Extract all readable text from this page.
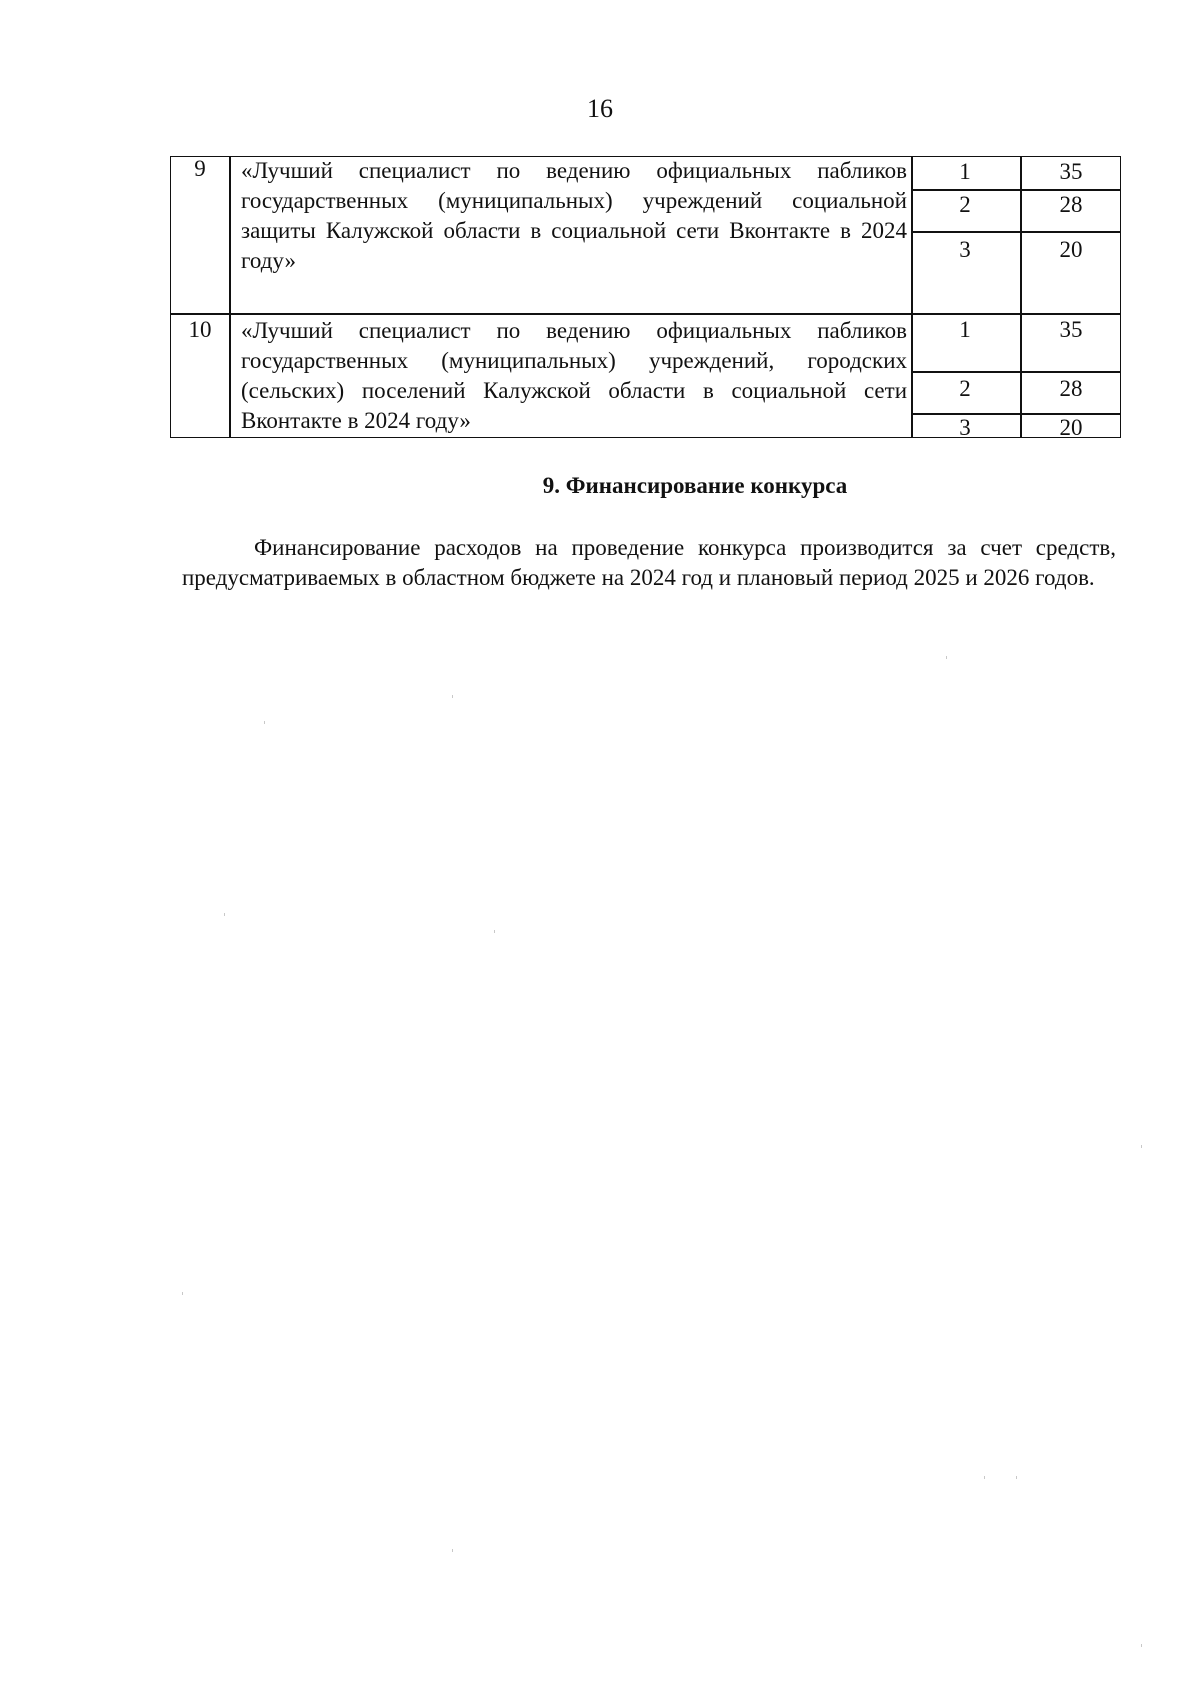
16
9	«Лучший специалист по ведению официальных пабликов государственных (муниципальных) учреждений социальной защиты Калужской области в социальной сети Вконтакте в 2024 году»

1	35
2	28
3	20
10	«Лучший специалист по ведению официальных пабликов государственных (муниципальных) учреждений, городских (сельских) поселений Калужской области в социальной сети Вконтакте в 2024 году»

1	35
2	28
3	20
9. Финансирование конкурса

Финансирование расходов на проведение конкурса производится за счет средств, предусматриваемых в областном бюджете на 2024 год и плановый период 2025 и 2026 годов.
